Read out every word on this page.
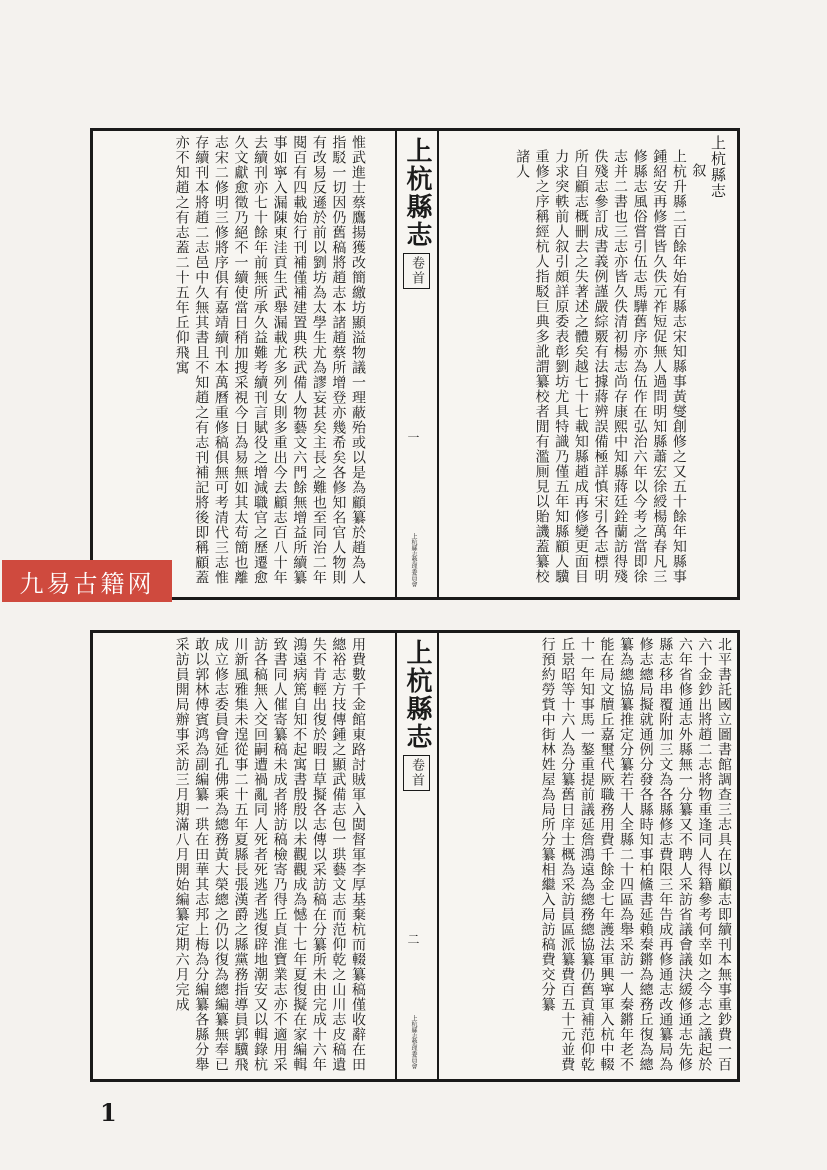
上杭縣志

叙

上杭升縣二百餘年始有縣志宋知縣事黃燮創修之又五十餘年知縣事鍾紹安再修嘗皆久佚元祚短促無人過問明知縣蕭宏徐綬楊萬春凡三修縣志風俗嘗引伍志馬驊舊序亦為伍作在弘治六年以今考之當即徐志并二書也三志亦皆久佚清初楊志尚存康熙中知縣蔣廷銓蘭訪得殘佚殘志參訂成書義例謹嚴綜覈有法據蔣辨誤備極詳慎宋引各志標明所自顧志概刪去之失著述之體矣越七十七載知縣趙成再修變更面目力求突軼前人叙引頗詳原委表彰劉坊尤具特識乃僅五年知縣顧人驥重修之序稱經杭人指駁巨典多訛謂纂校者閒有濫厠見以貽譏蓋纂校諸人

上杭縣志
卷首
一
上杭縣志整理委員會

惟武進士蔡鷹揚獲改簡繳坊顯溢物議一理蔽殆或以是為顧纂於趙為人指駁一切因仍舊稿將趙志本諸趙蔡所增登亦幾希矣各修知名官人物則有改易反遜於前以劉坊為太學生尤為謬妄甚矣主長之難也至同治二年閱百有四載始行刊補僅補建置典秩武備人物藝文六門餘無增益所續纂事如寧入漏陳東洼貢生武舉漏載尤多列女則多重出今去顧志百八十年去續刊亦七十餘年前無所承久益難考續刊言賦役之增減職官之歷遷愈久文獻愈徵乃絕不一續使當日稍加搜采視今日為易無如其太苟簡也離志宋二修明三修將序俱有嘉靖續刊本萬曆重修稿俱無可考清代三志惟存續刊本將趙二志邑中久無其書且不知趙之有志刊補記將後即稱顧蓋亦不知趙之有志蓋二十五年丘仰飛寓

北平書託國立圖書館調查三志具在以顧志即續刊本無事重鈔費一百六十金鈔出將趙二志將物重逢同人得籍參考何幸如之今志之議起於六年省修通志外縣無一分纂又不聘人采訪省議會議決緩修通志先修縣志移串覆附加三文為各縣修志費限三年告成再修通志改通纂局為修志總局擬就通例分發各縣時知事柏鯈書延賴秦鏘為總務丘復為總纂為總協纂推定分纂若干人全縣二十四區為舉采訪一人秦鏘年老不能在局文牘丘嘉璽代厥職務用費千餘金七年護法軍興寧軍入杭中輟十一年知事馬一鏊重提前議延詹鴻遠為總務總協纂仍舊貢補范仰乾丘景昭等十六人為分纂舊日庠士概為采訪員區派纂費百五十元並費行預約勞貲中街林姓屋為局所分纂相繼入局訪稿費交分纂

上杭縣志
卷首
二
上杭縣志整理委員會

用費數千金館東路討賊軍入閩督軍李厚基棄杭而輟纂稿僅收辭在田總裕志方技傳鍾之顯武備志包一珙藝文志而范仰乾之山川志皮稿遺失不肯輕出復於暇日草擬各志傳以采訪稿在分纂所未由完成十六年鴻遠病篤自知不起寓書殷殷以未觀觀成為憾十七年夏復擬在家編輯致書同人催寄纂稿未成者將訪稿檢寄乃得丘貞淮寶業志亦不適用采訪各稿無入交回嗣遭禍亂同人死者死逃者逃復辟地潮安又以輯錄杭川新風雅集未遑從事二十五年夏縣長張漢爵之縣黨務指導員郭驥飛成立修志委員會延孔佛乘為總務黃大榮總之仍以復為總編纂無奉已敢以郭林傅賓鸿為副編纂一珙在田華其志邦上梅為分編纂各縣分舉采訪員開局辦事采訪三月期滿八月開始編纂定期六月完成

九易古籍网
1
